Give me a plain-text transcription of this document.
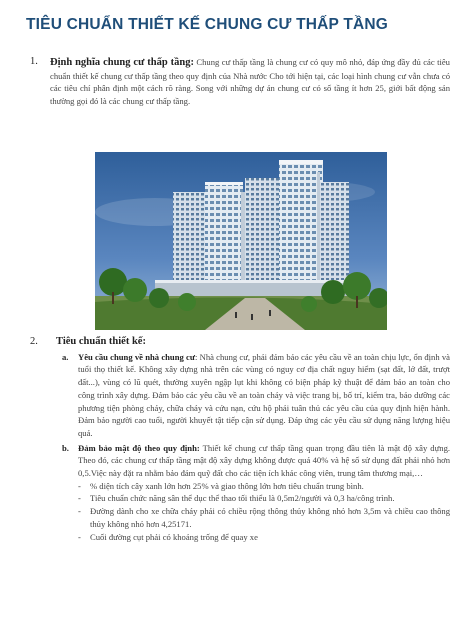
TIÊU CHUẨN THIẾT KẾ CHUNG CƯ THẤP TẦNG
1. Định nghĩa chung cư thấp tầng: Chung cư thấp tầng là chung cư có quy mô nhỏ, đáp ứng đầy đủ các tiêu chuẩn thiết kế chung cư thấp tầng theo quy định của Nhà nước Cho tới hiện tại, các loại hình chung cư vẫn chưa có các tiêu chí phân định một cách rõ ràng. Song với những dự án chung cư có số tầng ít hơn 25, giới bất động sản thường gọi đó là các chung cư thấp tầng.
2. Tiêu chuẩn thiết kế:
a. Yêu cầu chung về nhà chung cư: Nhà chung cư, phải đảm bảo các yêu cầu về an toàn chịu lực, ổn định và tuổi thọ thiết kế. Không xây dựng nhà trên các vùng có nguy cơ địa chất nguy hiểm (sạt đất, lở đất, trượt đất...), vùng có lũ quét, thường xuyên ngập lụt khi không có biện pháp kỹ thuật để đảm bảo an toàn cho công trình xây dựng. Đảm bảo các yêu cầu về an toàn cháy và việc trang bị, bố trí, kiểm tra, bảo dưỡng các phương tiện phòng cháy, chữa cháy và cứu nạn, cứu hộ phải tuân thủ các yêu cầu của quy định hiện hành. Đảm bảo người cao tuổi, người khuyết tật tiếp cận sử dụng. Đáp ứng các yêu cầu sử dụng năng lượng hiệu quả.
b. Đảm bảo mật độ theo quy định: Thiết kế chung cư thấp tầng quan trọng đầu tiên là mật độ xây dựng. Theo đó, các chung cư thấp tầng mật độ xây dựng không được quá 40% và hệ số sử dụng đất phải nhỏ hơn 0,5.Việc này đặt ra nhằm bảo đảm quỹ đất cho các tiện ích khác công viên, trung tâm thương mại,…
- % diện tích cây xanh lớn hơn 25% và giao thông lớn hơn tiêu chuẩn trung bình.
- Tiêu chuẩn chức năng sân thể dục thể thao tối thiểu là 0,5m2/người và 0,3 ha/công trình.
- Đường dành cho xe chữa cháy phải có chiều rộng thông thủy không nhỏ hơn 3,5m và chiều cao thông thủy không nhỏ hơn 4,25171.
- Cuối đường cụt phải có khoảng trống để quay xe
